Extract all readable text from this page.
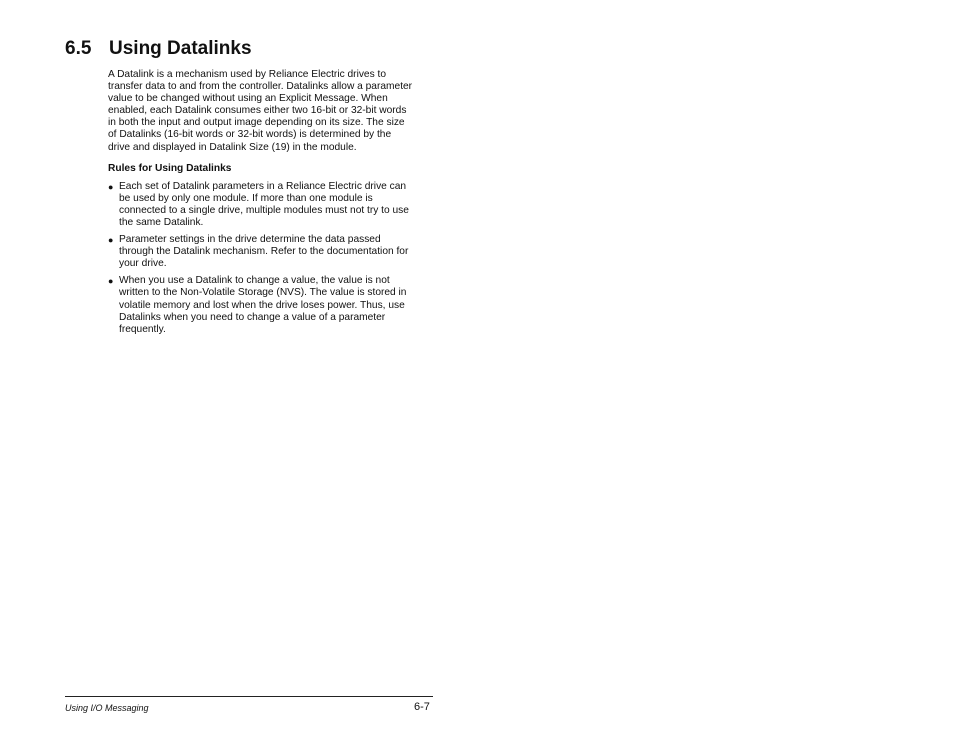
6.5 Using Datalinks

A Datalink is a mechanism used by Reliance Electric drives to

transfer data to and from the controller. Datalinks allow a parameter

value to be changed without using an Explicit Message. When

enabled, each Datalink consumes either two 16-bit or 32-bit words

in both the input and output image depending on its size. The size

of Datalinks (16-bit words or 32-bit words) is determined by the

drive and displayed in Datalink Size (19) in the module.

Rules for Using Datalinks
● Each set of Datalink parameters in a Reliance Electric drive can
be used by only one module. If more than one module is
connected to a single drive, multiple modules must not try to use
the same Datalink.
● Parameter settings in the drive determine the data passed
through the Datalink mechanism. Refer to the documentation for
your drive.
● When you use a Datalink to change a value, the value is not
written to the Non-Volatile Storage (NVS). The value is stored in
volatile memory and lost when the drive loses power. Thus, use
Datalinks when you need to change a value of a parameter
frequently.
Using I/O Messaging	6-7
